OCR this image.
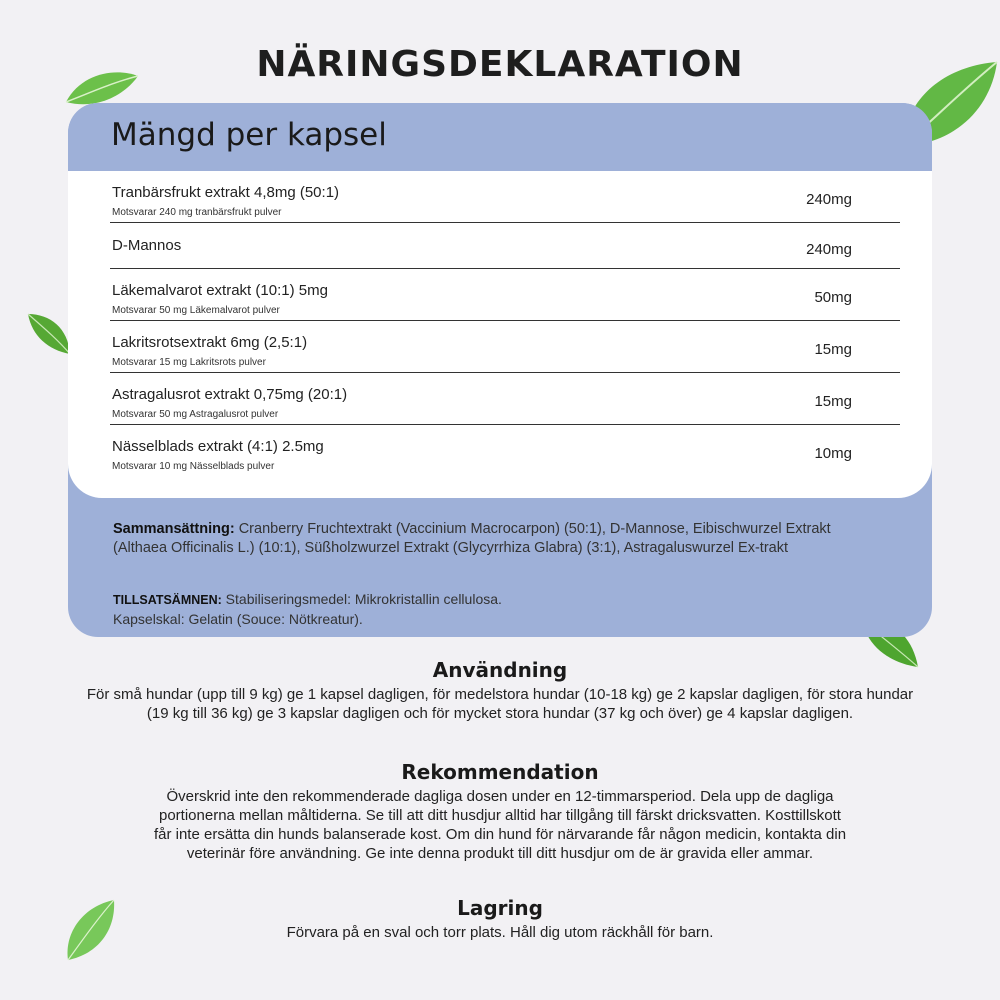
NÄRINGSDEKLARATION
Mängd per kapsel
Tranbärsfrukt extrakt 4,8mg (50:1)
Motsvarar 240 mg tranbärsfrukt pulver
240mg
D-Mannos	240mg
Läkemalvarot extrakt (10:1) 5mg
Motsvarar 50 mg Läkemalvarot pulver
50mg
Lakritsrotsextrakt 6mg (2,5:1)
Motsvarar 15 mg Lakritsrots pulver
15mg
Astragalusrot extrakt 0,75mg (20:1)
Motsvarar 50 mg Astragalusrot pulver
15mg
Nässelblads extrakt (4:1) 2.5mg
Motsvarar 10 mg Nässelblads pulver
10mg
Sammansättning: Cranberry Fruchtextrakt (Vaccinium Macrocarpon) (50:1), D-Mannose, Eibischwurzel Extrakt (Althaea Officinalis L.) (10:1), Süßholzwurzel Extrakt (Glycyrrhiza Glabra) (3:1), Astragaluswurzel Ex-trakt
TILLSATSÄMNEN: Stabiliseringsmedel: Mikrokristallin cellulosa.
Kapselskal: Gelatin (Souce: Nötkreatur).
Användning

För små hundar (upp till 9 kg) ge 1 kapsel dagligen, för medelstora hundar (10-18 kg) ge 2 kapslar dagligen, för stora hundar (19 kg till 36 kg) ge 3 kapslar dagligen och för mycket stora hundar (37 kg och över) ge 4 kapslar dagligen.

Rekommendation

Överskrid inte den rekommenderade dagliga dosen under en 12-timmarsperiod. Dela upp de dagliga portionerna mellan måltiderna. Se till att ditt husdjur alltid har tillgång till färskt dricksvatten. Kosttillskott får inte ersätta din hunds balanserade kost. Om din hund för närvarande får någon medicin, kontakta din veterinär före användning. Ge inte denna produkt till ditt husdjur om de är gravida eller ammar.

Lagring

Förvara på en sval och torr plats. Håll dig utom räckhåll för barn.
